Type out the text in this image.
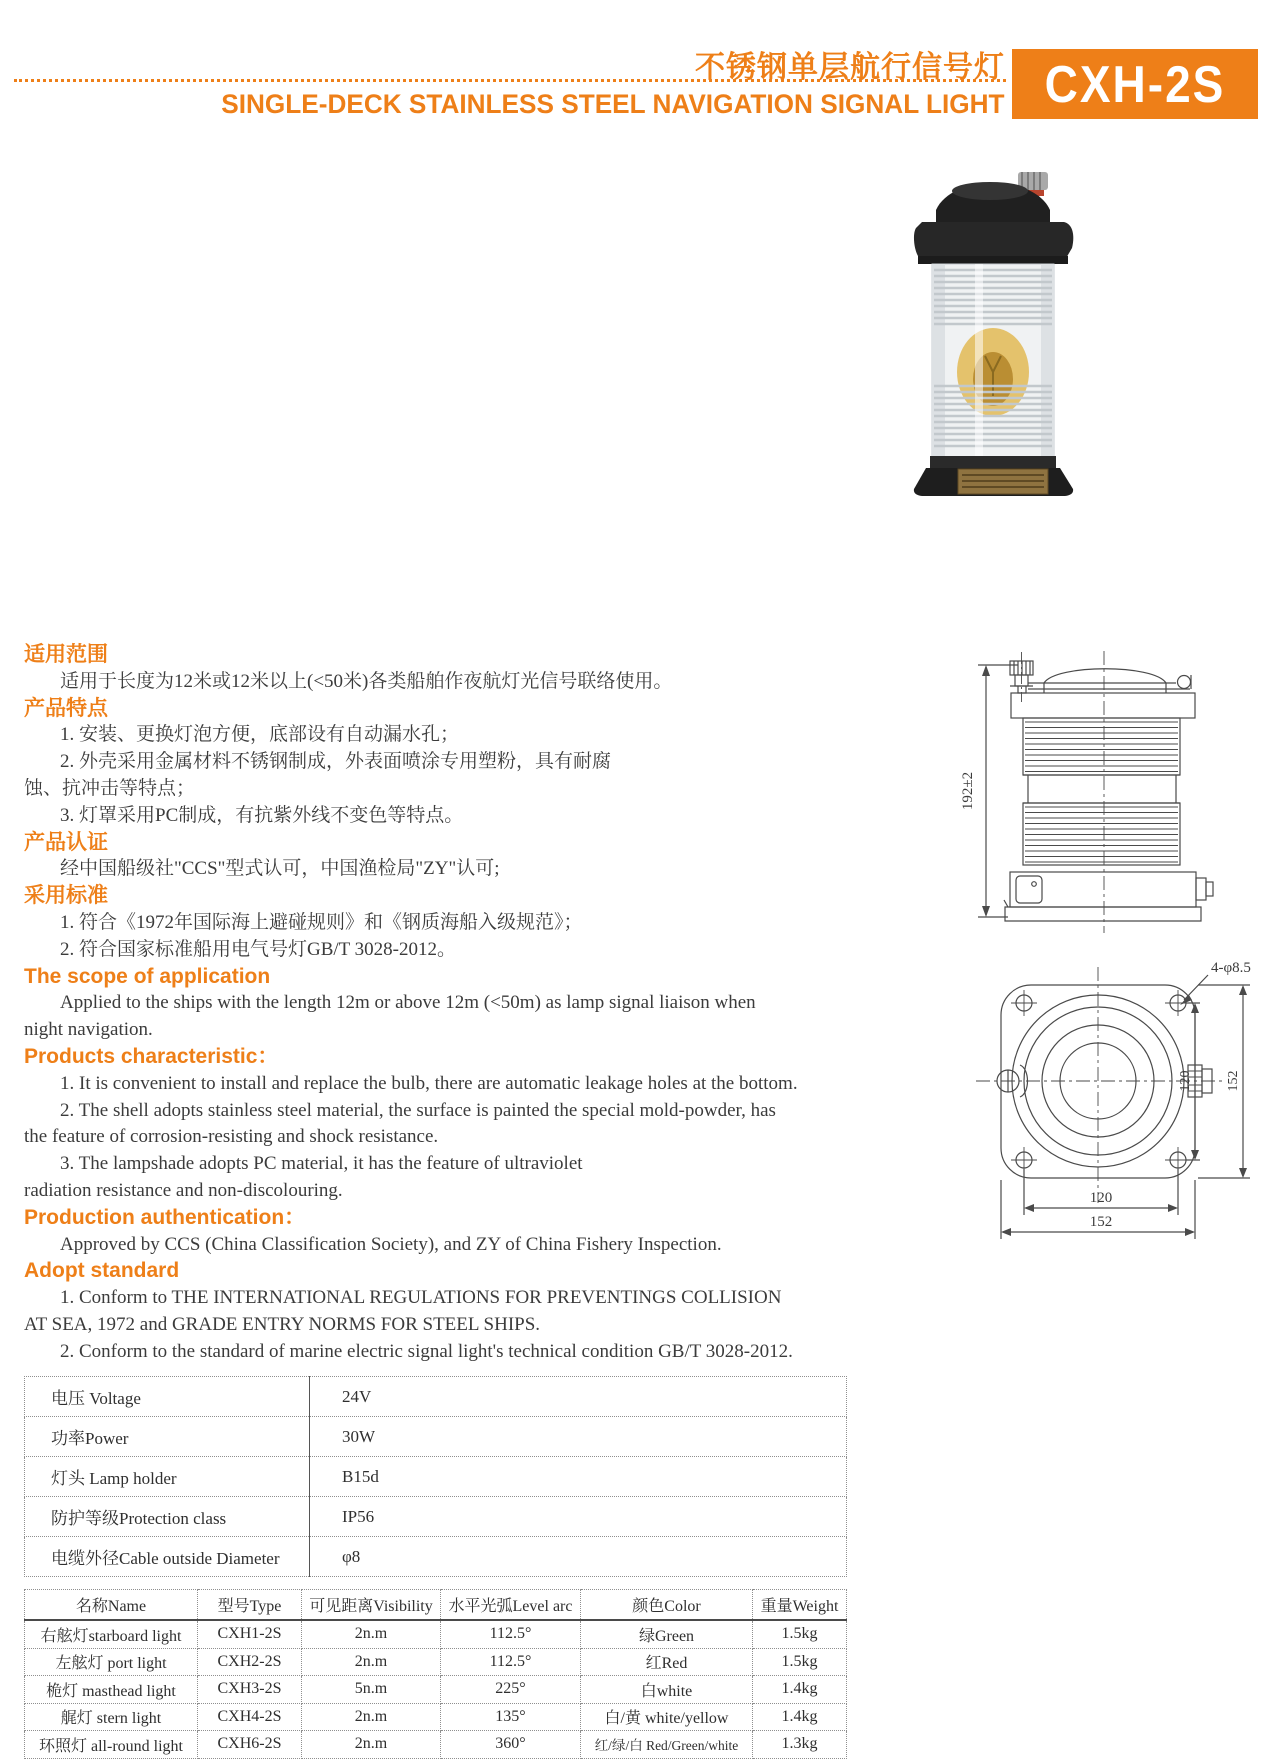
不锈钢单层航行信号灯
SINGLE-DECK STAINLESS STEEL NAVIGATION SIGNAL LIGHT CXH-2S
192±2
4-φ8.5
120 152
120
152
适用范围
适用于长度为12米或12米以上(<50米)各类船舶作夜航灯光信号联络使用。
产品特点
1. 安装、更换灯泡方便，底部设有自动漏水孔；
2. 外壳采用金属材料不锈钢制成，外表面喷涂专用塑粉，具有耐腐
蚀、抗冲击等特点；
3. 灯罩采用PC制成，有抗紫外线不变色等特点。
产品认证
经中国船级社"CCS"型式认可，中国渔检局"ZY"认可;
采用标准
1. 符合《1972年国际海上避碰规则》和《钢质海船入级规范》；
2. 符合国家标准船用电气号灯GB/T 3028-2012。
The scope of application
Applied to the ships with the length 12m or above 12m (<50m) as lamp signal liaison when
night navigation.
Products characteristic：
1. It is convenient to install and replace the bulb, there are automatic leakage holes at the bottom.
2. The shell adopts stainless steel material, the surface is painted the special mold-powder, has
the feature of corrosion-resisting and shock resistance.
3. The lampshade adopts PC material, it has the feature of ultraviolet
radiation resistance and non-discolouring.
Production authentication：
Approved by CCS (China Classification Society), and ZY of China Fishery Inspection.
Adopt standard
1. Conform to THE INTERNATIONAL REGULATIONS FOR PREVENTINGS COLLISION
AT SEA, 1972 and GRADE ENTRY NORMS FOR STEEL SHIPS.
2. Conform to the standard of marine electric signal light's technical condition GB/T 3028-2012.
电压 Voltage	24V
功率Power	30W
灯头 Lamp holder	B15d
防护等级Protection class	IP56
电缆外径Cable outside Diameter	φ8
名称Name	型号Type	可见距离Visibility	水平光弧Level arc	颜色Color	重量Weight
右舷灯starboard light	CXH1-2S	2n.m	112.5°	绿Green	1.5kg
左舷灯 port light	CXH2-2S	2n.m	112.5°	红Red	1.5kg
桅灯 masthead light	CXH3-2S	5n.m	225°	白white	1.4kg
艉灯 stern light	CXH4-2S	2n.m	135°	白/黄 white/yellow	1.4kg
环照灯 all-round light	CXH6-2S	2n.m	360°	红/绿/白 Red/Green/white	1.3kg
